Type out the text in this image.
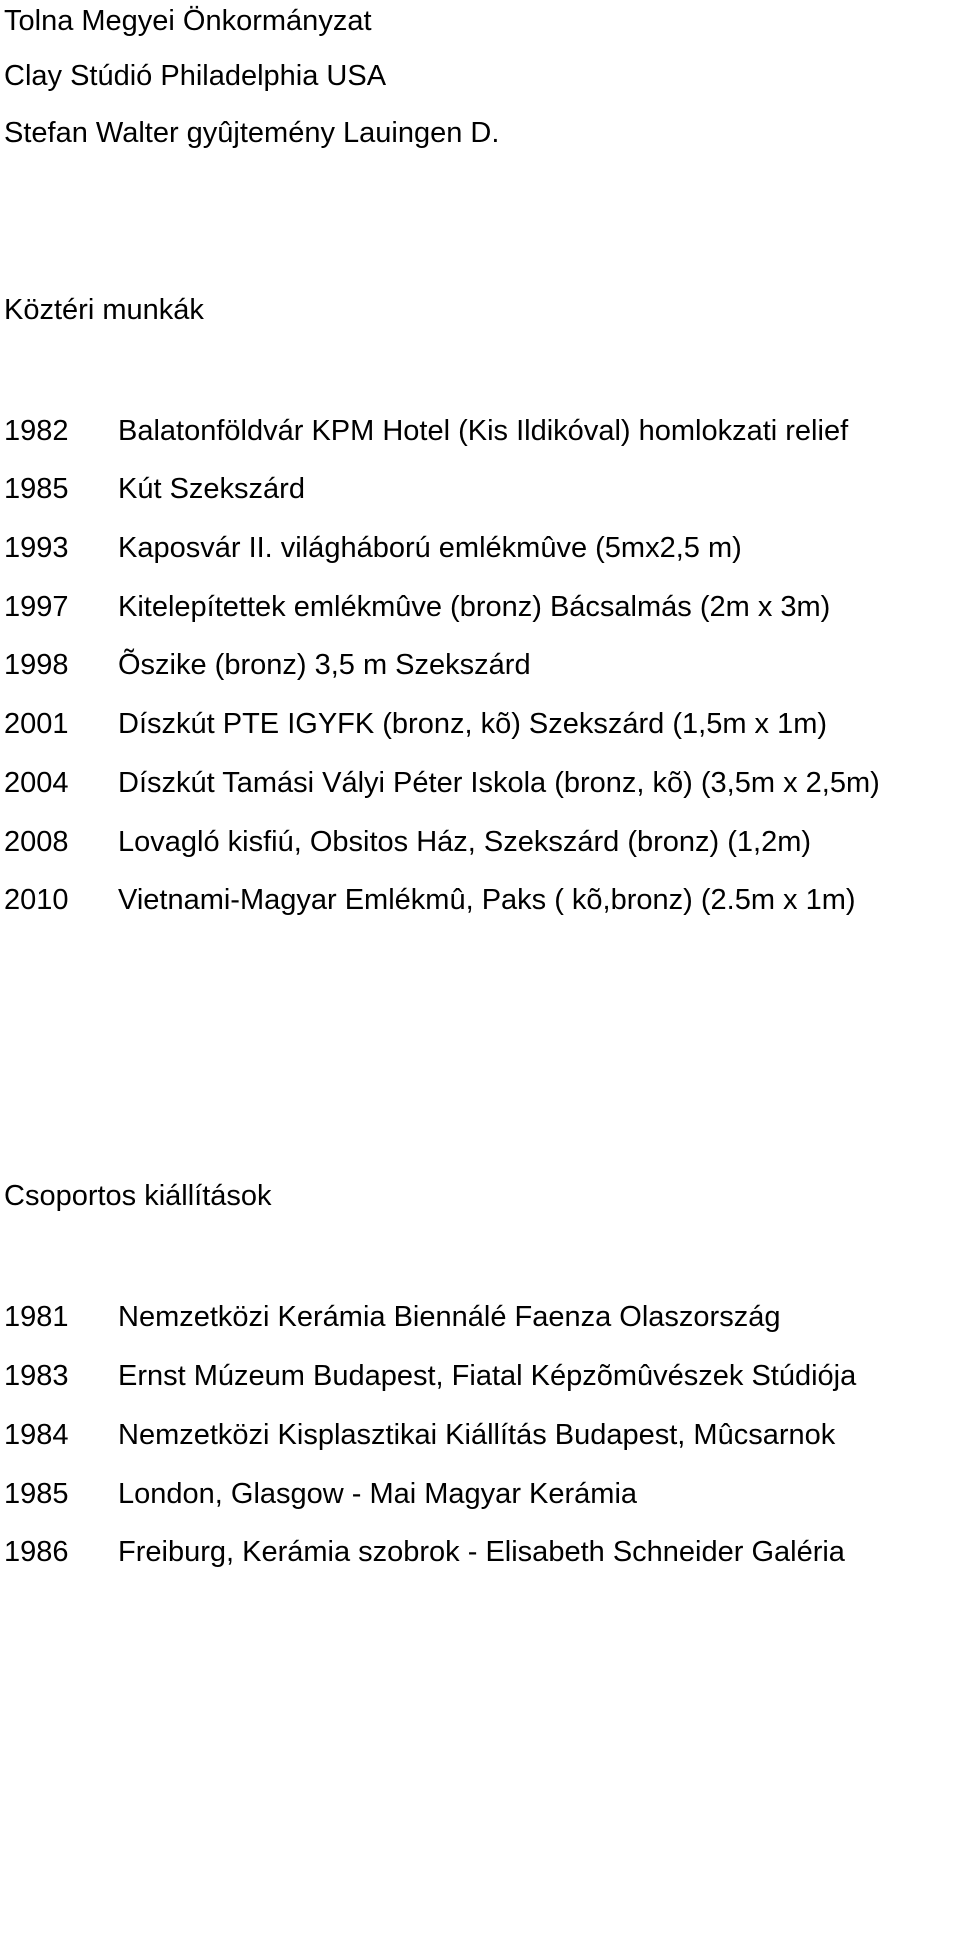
Tolna Megyei Önkormányzat
Clay Stúdió Philadelphia USA
Stefan Walter gyûjtemény Lauingen D.
Köztéri munkák
1982	Balatonföldvár KPM Hotel (Kis Ildikóval) homlokzati relief
1985	Kút Szekszárd
1993	Kaposvár II. világháború emlékmûve (5mx2,5 m)
1997	Kitelepítettek emlékmûve (bronz) Bácsalmás (2m x 3m)
1998	Õszike (bronz) 3,5 m Szekszárd
2001	Díszkút PTE IGYFK (bronz, kõ) Szekszárd (1,5m x 1m)
2004	Díszkút Tamási Vályi Péter Iskola (bronz, kõ) (3,5m x 2,5m)
2008	Lovagló kisfiú, Obsitos Ház, Szekszárd (bronz) (1,2m)
2010	Vietnami-Magyar Emlékmû, Paks ( kõ,bronz) (2.5m x 1m)
Csoportos kiállítások
1981	Nemzetközi Kerámia Biennálé Faenza Olaszország
1983	Ernst Múzeum Budapest, Fiatal Képzõmûvészek Stúdiója
1984	Nemzetközi Kisplasztikai Kiállítás Budapest, Mûcsarnok
1985	London, Glasgow - Mai Magyar Kerámia
1986	Freiburg, Kerámia szobrok - Elisabeth Schneider Galéria
